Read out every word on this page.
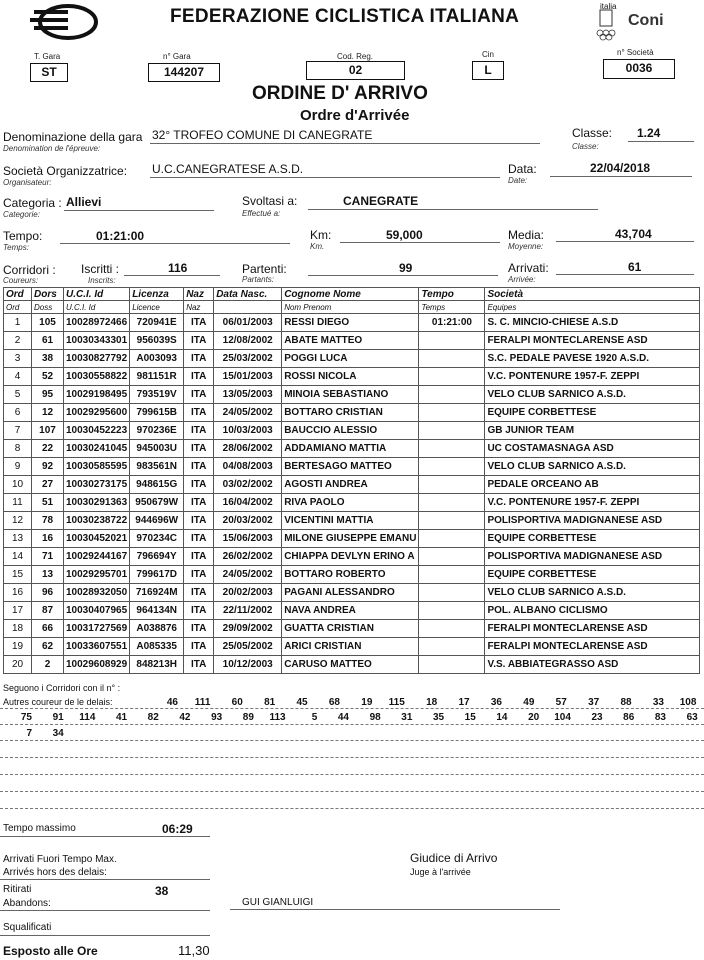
FEDERAZIONE CICLISTICA ITALIANA	italia
Coni
T. Gara
ST
n° Gara
144207
Cod. Reg.
02
Cin
L
n° Società
0036
ORDINE D' ARRIVO
Ordre d'Arrivée
Denominazione della gara
Denomination de l'épreuve:
32° TROFEO COMUNE DI CANEGRATE	Classe:
Classe:
1.24
Società Organizzatrice:
Organisateur:
U.C.CANEGRATESE A.S.D.	Data:
Date:
22/04/2018
Categoria :
Categorie:
Allievi	Svoltasi a:
Effectué a:
CANEGRATE
Tempo:
Temps:
01:21:00	Km:
Km.
59,000	Media:
Moyenne:
43,704
Corridori :
Coureurs:
Iscritti :
Inscrits:
116	Partenti:
Partants:
99	Arrivati:
Arrivée:
61
Ord	Dors	U.C.I. Id	Licenza	Naz	Data Nasc.	Cognome Nome	Tempo	Società
Ord	Doss	U.C.I. Id	Licence	Naz		Nom Prenom	Temps	Equipes
1	105	10028972466	720941E	ITA	06/01/2003	RESSI DIEGO	01:21:00	S. C. MINCIO-CHIESE A.S.D
2	61	10030343301	956039S	ITA	12/08/2002	ABATE MATTEO		FERALPI MONTECLARENSE ASD
3	38	10030827792	A003093	ITA	25/03/2002	POGGI LUCA		S.C. PEDALE PAVESE 1920 A.S.D.
4	52	10030558822	981151R	ITA	15/01/2003	ROSSI NICOLA		V.C. PONTENURE 1957-F. ZEPPI
5	95	10029198495	793519V	ITA	13/05/2003	MINOIA SEBASTIANO		VELO CLUB SARNICO A.S.D.
6	12	10029295600	799615B	ITA	24/05/2002	BOTTARO CRISTIAN		EQUIPE CORBETTESE
7	107	10030452223	970236E	ITA	10/03/2003	BAUCCIO ALESSIO		GB JUNIOR TEAM
8	22	10030241045	945003U	ITA	28/06/2002	ADDAMIANO MATTIA		UC COSTAMASNAGA ASD
9	92	10030585595	983561N	ITA	04/08/2003	BERTESAGO MATTEO		VELO CLUB SARNICO A.S.D.
10	27	10030273175	948615G	ITA	03/02/2002	AGOSTI ANDREA		PEDALE ORCEANO AB
11	51	10030291363	950679W	ITA	16/04/2002	RIVA PAOLO		V.C. PONTENURE 1957-F. ZEPPI
12	78	10030238722	944696W	ITA	20/03/2002	VICENTINI MATTIA		POLISPORTIVA MADIGNANESE ASD
13	16	10030452021	970234C	ITA	15/06/2003	MILONE GIUSEPPE EMANU		EQUIPE CORBETTESE
14	71	10029244167	796694Y	ITA	26/02/2002	CHIAPPA DEVLYN ERINO A		POLISPORTIVA MADIGNANESE ASD
15	13	10029295701	799617D	ITA	24/05/2002	BOTTARO ROBERTO		EQUIPE CORBETTESE
16	96	10028932050	716924M	ITA	20/02/2003	PAGANI ALESSANDRO		VELO CLUB SARNICO A.S.D.
17	87	10030407965	964134N	ITA	22/11/2002	NAVA ANDREA		POL. ALBANO CICLISMO
18	66	10031727569	A038876	ITA	29/09/2002	GUATTA CRISTIAN		FERALPI MONTECLARENSE ASD
19	62	10033607551	A085335	ITA	25/05/2002	ARICI CRISTIAN		FERALPI MONTECLARENSE ASD
20	2	10029608929	848213H	ITA	10/12/2003	CARUSO MATTEO		V.S. ABBIATEGRASSO ASD
Seguono i Corridori con il n° :
Autres coureur de le delais:	46	111	60	81	45	68	19	115	18	17	36	49	57	37	88	33	108
75	91	114	41	82	42	93	89	113	5	44	98	31	35	15	14	20	104	23	86	83	63
7	34
Tempo massimo	06:29
Arrivati Fuori Tempo Max.
Arrivés hors des delais:
Ritirati	38
Abandons:
Squalificati
Esposto alle Ore	11,30
Giudice di Arrivo
Juge à l'arrivée
GUI GIANLUIGI
